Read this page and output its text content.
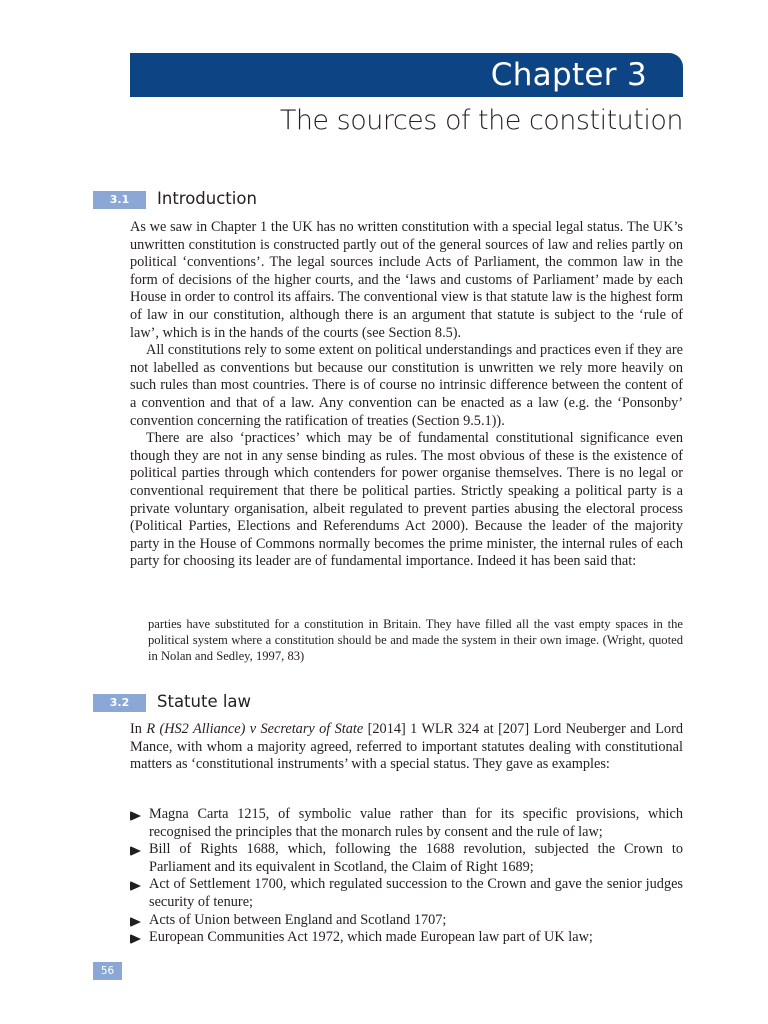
Chapter 3
The sources of the constitution
3.1	Introduction

As we saw in Chapter 1 the UK has no written constitution with a special legal status. The UK’s unwritten constitution is constructed partly out of the general sources of law and relies partly on political ‘conventions’. The legal sources include Acts of Parliament, the common law in the form of decisions of the higher courts, and the ‘laws and customs of Parliament’ made by each House in order to control its affairs. The conventional view is that statute law is the highest form of law in our constitution, although there is an argument that statute is subject to the ‘rule of law’, which is in the hands of the courts (see Section 8.5).

All constitutions rely to some extent on political understandings and practices even if they are not labelled as conventions but because our constitution is unwritten we rely more heavily on such rules than most countries. There is of course no intrinsic difference between the content of a convention and that of a law. Any convention can be enacted as a law (e.g. the ‘Ponsonby’ convention concerning the ratification of treaties (Section 9.5.1)).

There are also ‘practices’ which may be of fundamental constitutional significance even though they are not in any sense binding as rules. The most obvious of these is the existence of political parties through which contenders for power organise themselves. There is no legal or conventional requirement that there be political parties. Strictly speaking a political party is a private voluntary organisation, albeit regulated to prevent parties abusing the electoral process (Political Parties, Elections and Referendums Act 2000). Because the leader of the majority party in the House of Commons normally becomes the prime minister, the internal rules of each party for choosing its leader are of fundamental importance. Indeed it has been said that:

parties have substituted for a constitution in Britain. They have filled all the vast empty spaces in the political system where a constitution should be and made the system in their own image. (Wright, quoted in Nolan and Sedley, 1997, 83)
3.2	Statute law

In R (HS2 Alliance) v Secretary of State [2014] 1 WLR 324 at [207] Lord Neuberger and Lord Mance, with whom a majority agreed, referred to important statutes dealing with constitutional matters as ‘constitutional instruments’ with a special status. They gave as examples:

Magna Carta 1215, of symbolic value rather than for its specific provisions, which recognised the principles that the monarch rules by consent and the rule of law;
Bill of Rights 1688, which, following the 1688 revolution, subjected the Crown to Parliament and its equivalent in Scotland, the Claim of Right 1689;
Act of Settlement 1700, which regulated succession to the Crown and gave the senior judges security of tenure;
Acts of Union between England and Scotland 1707;
European Communities Act 1972, which made European law part of UK law;
56
